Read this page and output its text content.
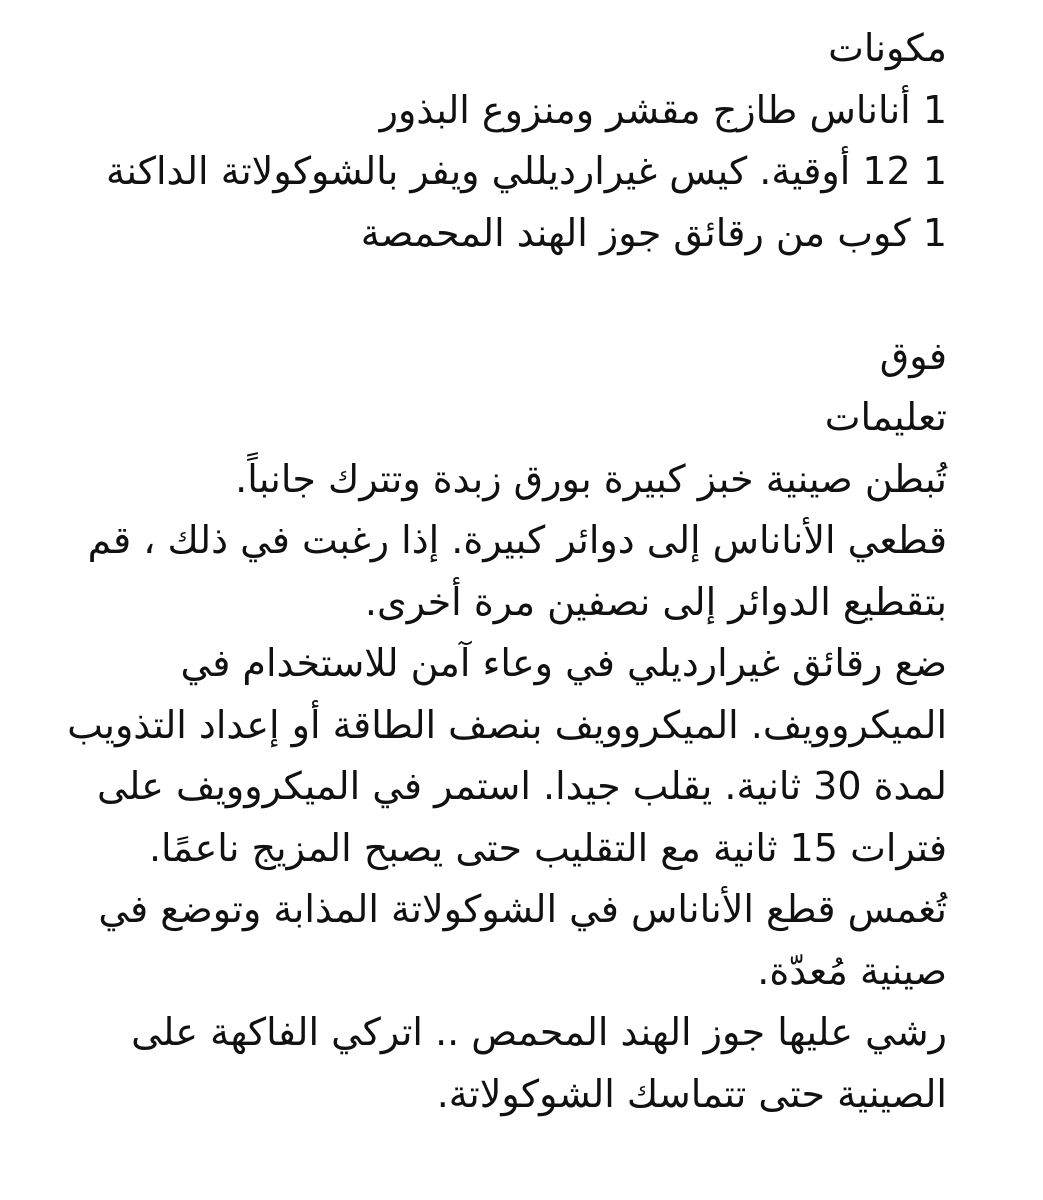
مكونات
1 أناناس طازج مقشر ومنزوع البذور
1 12 أوقية. كيس غيراردیللي ويفر بالشوكولاتة الداكنة
1 كوب من رقائق جوز الهند المحمصة
فوق
تعليمات
تُبطن صينية خبز كبيرة بورق زبدة وتترك جانباً.
قطعي الأناناس إلى دوائر كبيرة. إذا رغبت في ذلك ، قم
بتقطيع الدوائر إلى نصفين مرة أخرى.
ضع رقائق غيراردیلي في وعاء آمن للاستخدام في
الميكروويف. الميكروويف بنصف الطاقة أو إعداد التذويب
لمدة 30 ثانية. يقلب جيدا. استمر في الميكروويف على
فترات 15 ثانية مع التقليب حتى يصبح المزيج ناعمًا.
تُغمس قطع الأناناس في الشوكولاتة المذابة وتوضع في
صينية مُعدّة.
رشي عليها جوز الهند المحمص .. اتركي الفاكهة على
الصينية حتى تتماسك الشوكولاتة.
